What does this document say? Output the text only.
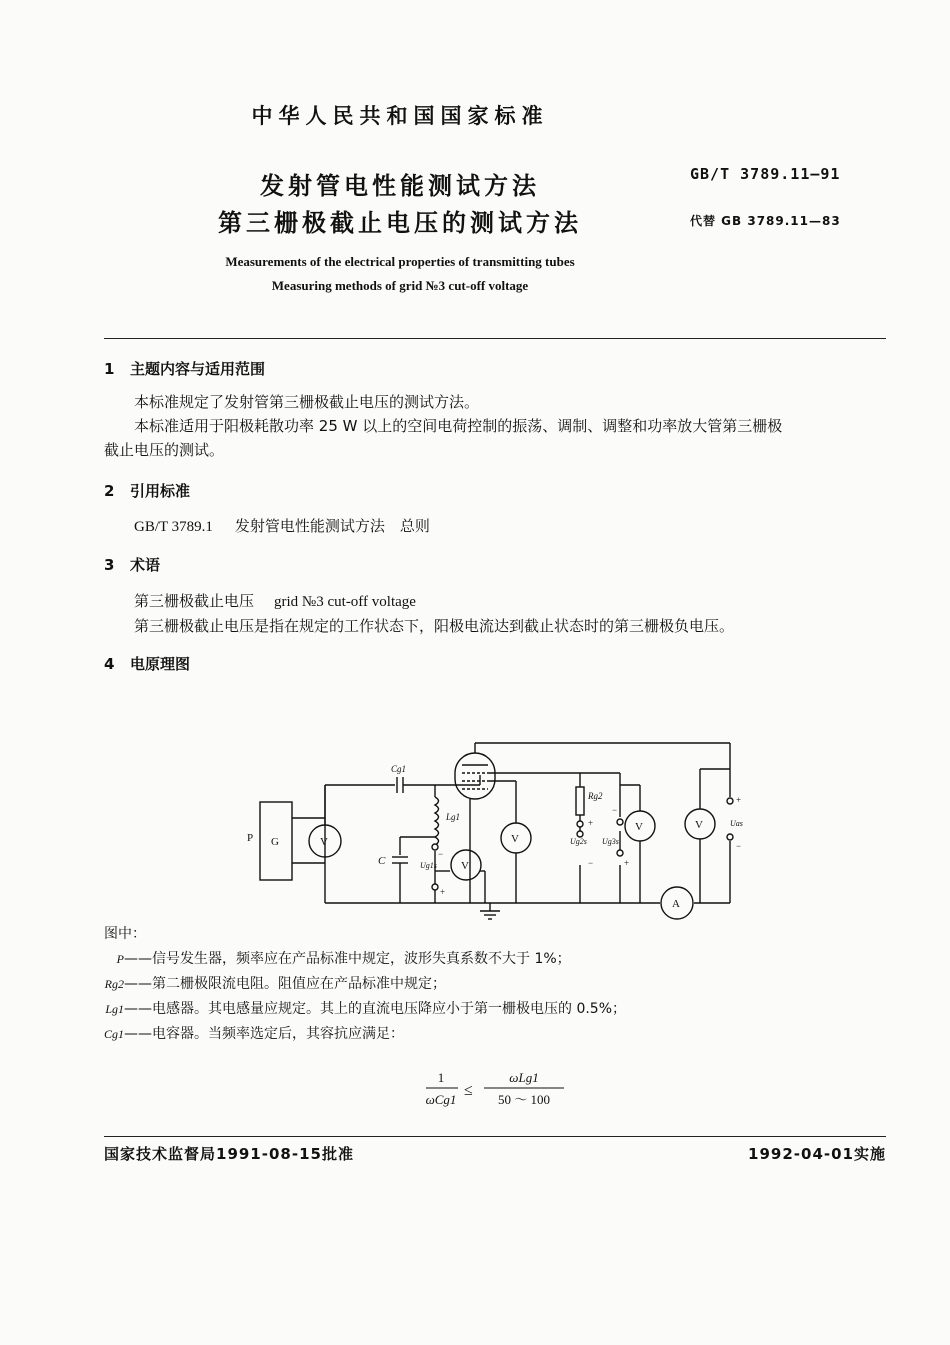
中华人民共和国国家标准
发射管电性能测试方法
第三栅极截止电压的测试方法
GB/T 3789.11—91
代替 GB 3789.11—83
Measurements of the electrical properties of transmitting tubes
Measuring methods of grid №3 cut-off voltage
1 主题内容与适用范围
本标准规定了发射管第三栅极截止电压的测试方法。
本标准适用于阳极耗散功率 25 W 以上的空间电荷控制的振荡、调制、调整和功率放大管第三栅极
截止电压的测试。
2 引用标准
GB/T 3789.1 发射管电性能测试方法　总则
3 术语
第三栅极截止电压 grid №3 cut-off voltage
第三栅极截止电压是指在规定的工作状态下，阳极电流达到截止状态时的第三栅极负电压。
4 电原理图
P G	V
V
V
V	V
A
C
Cg1
Lg1
Rg2
Ug1s
Ug2s Ug3s
Uas
+
+
−
−
−
+
+
−
图中：
P——信号发生器，频率应在产品标准中规定，波形失真系数不大于 1%；
Rg2——第二栅极限流电阻。阻值应在产品标准中规定；
Lg1——电感器。其电感量应规定。其上的直流电压降应小于第一栅极电压的 0.5%；
Cg1——电容器。当频率选定后，其容抗应满足：
1
ωCg1
≤
ωLg1
50 ～ 100
国家技术监督局1991-08-15批准	1992-04-01实施
